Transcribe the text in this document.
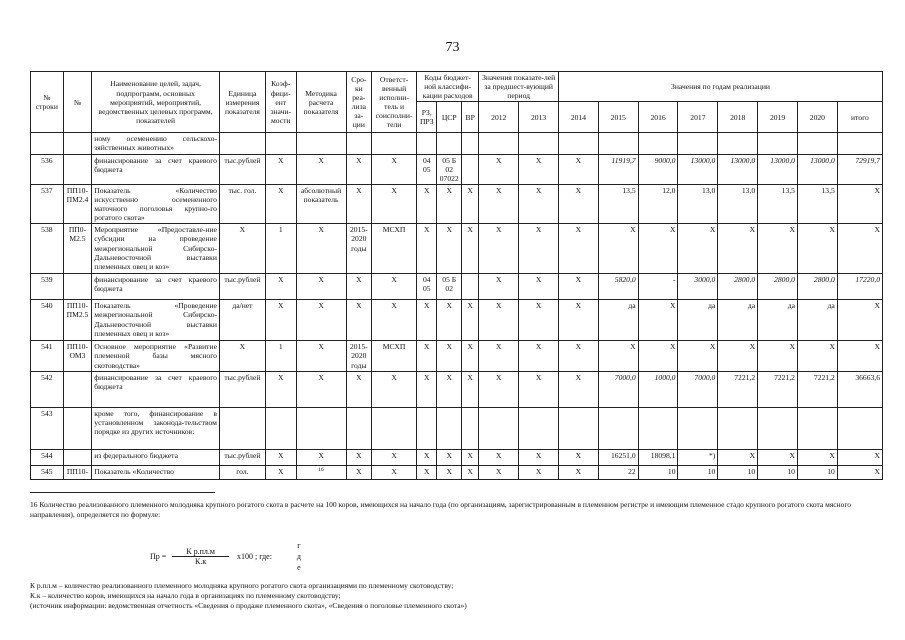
73
№ строки	№	Наименование целей, задач, подпрограмм, основных мероприятий, мероприятий, ведомственных целевых программ, показателей	Единица измерения показателя	Коэф-фици-ент значи-мости	Методика расчета показателя	Сро-ки реа-лиза за-ции	Ответст-венный исполни-тель и соисполни-тели	Коды бюджет-ной классифи-кации расходов			Значения показате-лей за предшест-вующий период		Значения по годам реализации							
								РЗ, ПРЗ	ЦСР	ВР	2012	2013	2014	2015	2016	2017	2018	2019	2020	итого
		ному осеменению сельскохо-зяйственных животных»																		
536		финансирование за счет краевого бюджета	тыс.рублей	X	X	X	X	04 05	05 Б 02 07022		X	X	X	11919,7	9000,0	13000,0	13000,0	13000,0	13000,0	72919,7
537	ПП10-ПМ2.4	Показатель «Количество искусственно осемененного маточного поголовья крупно-го рогатого скота»	тыс. гол.	X	абсолютный показатель	X	X	X	X	X	X	X	X	13,5	12,0	13,0	13,0	13,5	13,5	X
538	ПП0-М2.5	Мероприятие «Предоставле-ние субсидии на проведение межрегиональной Сибирско-Дальневосточной выставки племенных овец и коз»	X	1	X	2015-2020 годы	МСХП	X	X	X	X	X	X	X	X	X	X	X	X	X
539		финансирование за счет краевого бюджета	тыс.рублей	X	X	X	X	04 05	05 Б 02		X	X	X	5820,0	-	3000,0	2800,0	2800,0	2800,0	17220,0
540	ПП10-ПМ2.5	Показатель «Проведение межрегиональной Сибирско-Дальневосточной выставки племенных овец и коз»	да/нет	X	X	X	X	X	X	X	X	X	X	да	X	да	да	да	да	X
541	ПП10-ОМ3	Основное мероприятие «Развитие племенной базы мясного скотоводства»	X	1	X	2015-2020 годы	МСХП	X	X	X	X	X	X	X	X	X	X	X	X	X
542		финансирование за счет краевого бюджета	тыс.рублей	X	X	X	X	X	X	X	X	X	X	7000,0	1000,0	7000,0	7221,2	7221,2	7221,2	36663,6
543		кроме того, финансирование в установленном законода-тельством порядке из других источников:																		
544		из федерального бюджета	тыс.рублей	X	X	X	X	X	X	X	X	X	X	16251,0	18098,1	*)	X	X	X	X
545	ПП10-	Показатель «Количество	гол.	X	16	X	X	X	X	X	X	X	X	22	10	10	10	10	10	X
16 Количество реализованного племенного молодняка крупного рогатого скота в расчете на 100 коров, имеющихся на начало года (по организациям, зарегистрированным в племенном регистре и имеющим племенное стадо крупного рогатого скота мясного направления), определяется по формуле:
Пр =
К р.пл.м
К.к
х100 ; где: г д е
К р.пл.м – количество реализованного племенного молодняка крупного рогатого скота организациями по племенному скотоводству;
К.к – количество коров, имеющихся на начало года в организациях по племенному скотоводству;
(источник информации: ведомственная отчетность «Сведения о продаже племенного скота», «Сведения о поголовье племенного скота»)
